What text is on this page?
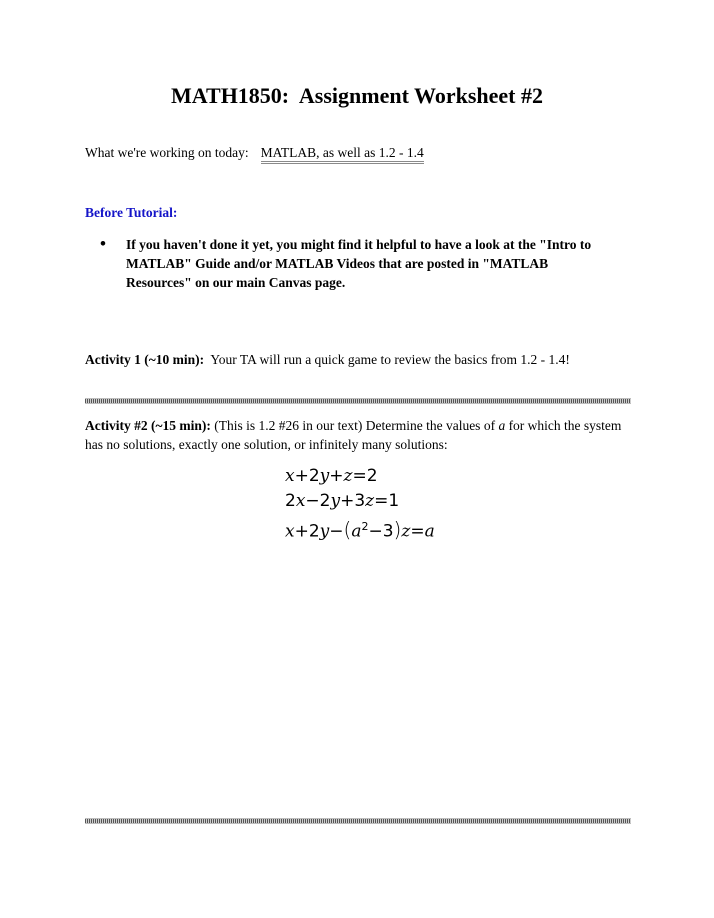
MATH1850:  Assignment Worksheet #2
What we're working on today: MATLAB, as well as 1.2 - 1.4
Before Tutorial:
• If you haven't done it yet, you might find it helpful to have a look at the "Intro to MATLAB" Guide and/or MATLAB Videos that are posted in "MATLAB Resources" on our main Canvas page.
Activity 1 (~10 min):  Your TA will run a quick game to review the basics from 1.2 - 1.4!
Activity #2 (~15 min): (This is 1.2 #26 in our text) Determine the values of a for which the system has no solutions, exactly one solution, or infinitely many solutions:
x+2y+z=2
2x−2y+3z=1
$x+2y-(a^2-3)z=a$
